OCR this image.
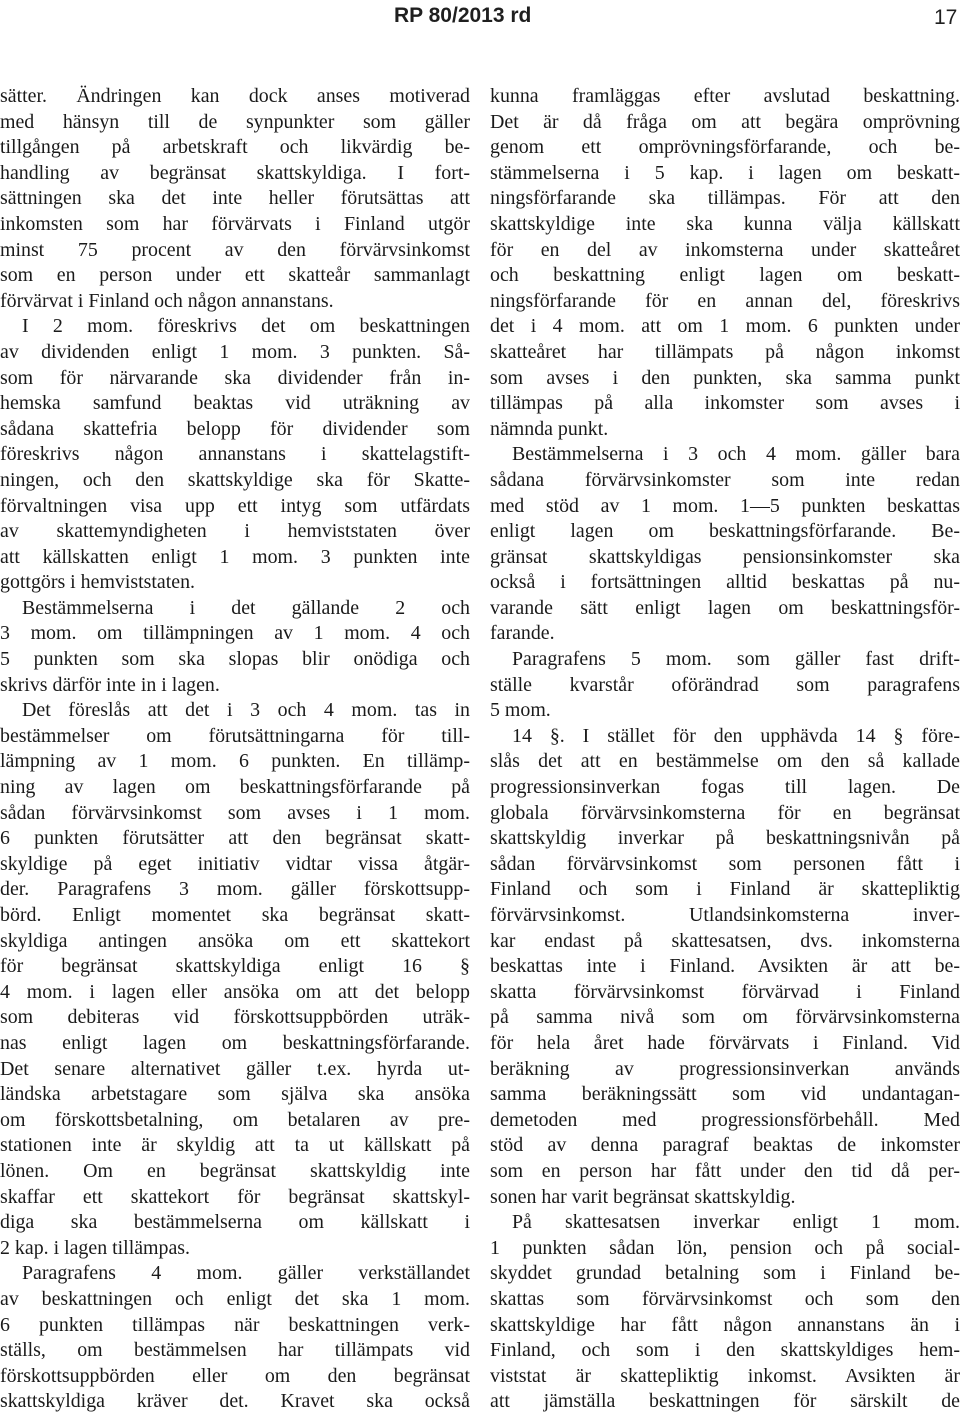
RP 80/2013 rd	17
sätter. Ändringen kan dock anses motiverad
med hänsyn till de synpunkter som gäller
tillgången på arbetskraft och likvärdig be-
handling av begränsat skattskyldiga. I fort-
sättningen ska det inte heller förutsättas att
inkomsten som har förvärvats i Finland utgör
minst 75 procent av den förvärvsinkomst
som en person under ett skatteår sammanlagt
förvärvat i Finland och någon annanstans.
I 2 mom. föreskrivs det om beskattningen
av dividenden enligt 1 mom. 3 punkten. Så-
som för närvarande ska dividender från in-
hemska samfund beaktas vid uträkning av
sådana skattefria belopp för dividender som
föreskrivs någon annanstans i skattelagstift-
ningen, och den skattskyldige ska för Skatte-
förvaltningen visa upp ett intyg som utfärdats
av skattemyndigheten i hemviststaten över
att källskatten enligt 1 mom. 3 punkten inte
gottgörs i hemviststaten.
Bestämmelserna i det gällande 2 och
3 mom. om tillämpningen av 1 mom. 4 och
5 punkten som ska slopas blir onödiga och
skrivs därför inte in i lagen.
Det föreslås att det i 3 och 4 mom. tas in
bestämmelser om förutsättningarna för till-
lämpning av 1 mom. 6 punkten. En tillämp-
ning av lagen om beskattningsförfarande på
sådan förvärvsinkomst som avses i 1 mom.
6 punkten förutsätter att den begränsat skatt-
skyldige på eget initiativ vidtar vissa åtgär-
der. Paragrafens 3 mom. gäller förskottsupp-
börd. Enligt momentet ska begränsat skatt-
skyldiga antingen ansöka om ett skattekort
för begränsat skattskyldiga enligt 16 §
4 mom. i lagen eller ansöka om att det belopp
som debiteras vid förskottsuppbörden uträk-
nas enligt lagen om beskattningsförfarande.
Det senare alternativet gäller t.ex. hyrda ut-
ländska arbetstagare som själva ska ansöka
om förskottsbetalning, om betalaren av pre-
stationen inte är skyldig att ta ut källskatt på
lönen. Om en begränsat skattskyldig inte
skaffar ett skattekort för begränsat skattskyl-
diga ska bestämmelserna om källskatt i
2 kap. i lagen tillämpas.
Paragrafens 4 mom. gäller verkställandet
av beskattningen och enligt det ska 1 mom.
6 punkten tillämpas när beskattningen verk-
ställs, om bestämmelsen har tillämpats vid
förskottsuppbörden eller om den begränsat
skattskyldiga kräver det. Kravet ska också
kunna framläggas efter avslutad beskattning.
Det är då fråga om att begära omprövning
genom ett omprövningsförfarande, och be-
stämmelserna i 5 kap. i lagen om beskatt-
ningsförfarande ska tillämpas. För att den
skattskyldige inte ska kunna välja källskatt
för en del av inkomsterna under skatteåret
och beskattning enligt lagen om beskatt-
ningsförfarande för en annan del, föreskrivs
det i 4 mom. att om 1 mom. 6 punkten under
skatteåret har tillämpats på någon inkomst
som avses i den punkten, ska samma punkt
tillämpas på alla inkomster som avses i
nämnda punkt.
Bestämmelserna i 3 och 4 mom. gäller bara
sådana förvärvsinkomster som inte redan
med stöd av 1 mom. 1—5 punkten beskattas
enligt lagen om beskattningsförfarande. Be-
gränsat skattskyldigas pensionsinkomster ska
också i fortsättningen alltid beskattas på nu-
varande sätt enligt lagen om beskattningsför-
farande.
Paragrafens 5 mom. som gäller fast drift-
ställe kvarstår oförändrad som paragrafens
5 mom.
14 §. I stället för den upphävda 14 § före-
slås det att en bestämmelse om den så kallade
progressionsinverkan fogas till lagen. De
globala förvärvsinkomsterna för en begränsat
skattskyldig inverkar på beskattningsnivån på
sådan förvärvsinkomst som personen fått i
Finland och som i Finland är skattepliktig
förvärvsinkomst. Utlandsinkomsterna inver-
kar endast på skattesatsen, dvs. inkomsterna
beskattas inte i Finland. Avsikten är att be-
skatta förvärvsinkomst förvärvad i Finland
på samma nivå som om förvärvsinkomsterna
för hela året hade förvärvats i Finland. Vid
beräkning av progressionsinverkan används
samma beräkningssätt som vid undantagan-
demetoden med progressionsförbehåll. Med
stöd av denna paragraf beaktas de inkomster
som en person har fått under den tid då per-
sonen har varit begränsat skattskyldig.
På skattesatsen inverkar enligt 1 mom.
1 punkten sådan lön, pension och på social-
skyddet grundad betalning som i Finland be-
skattas som förvärvsinkomst och som den
skattskyldige har fått någon annanstans än i
Finland, och som i den skattskyldiges hem-
viststat är skattepliktig inkomst. Avsikten är
att jämställa beskattningen för särskilt de
